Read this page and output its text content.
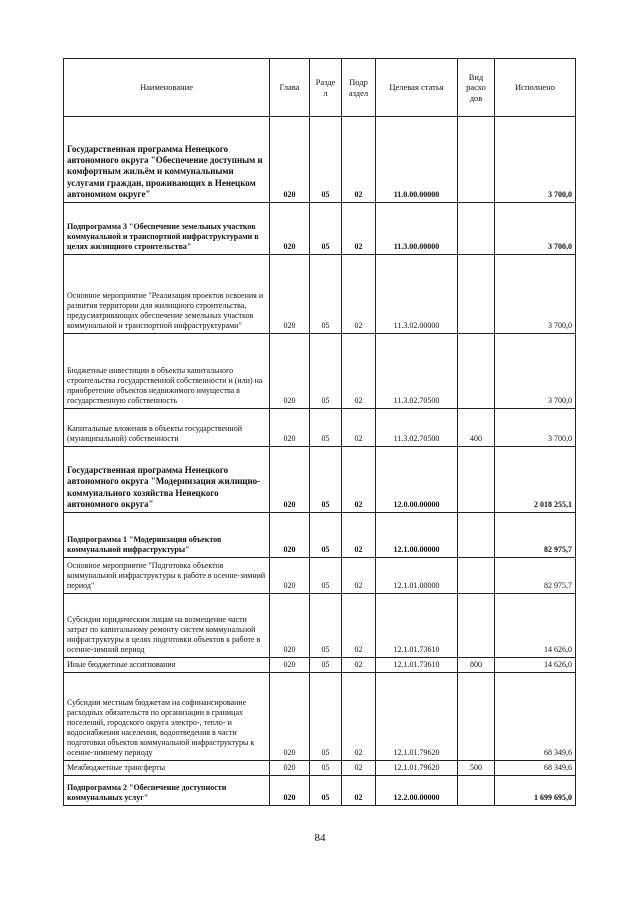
Наименование	Глава	Разде л	Подр аздел	Целевая статья	Вид расхо дов	Исполнено
Государственная программа Ненецкого автономного округа "Обеспечение доступным и комфортным жильём и коммунальными услугами граждан, проживающих в Ненецком автономном округе"	020	05	02	11.0.00.00000		3 700,0
Подпрограмма 3 "Обеспечение земельных участков коммунальной и транспортной инфраструктурами в целях жилищного строительства"	020	05	02	11.3.00.00000		3 700,0
Основное мероприятие "Реализация проектов освоения и развития территории для жилищного строительства, предусматривающих обеспечение земельных участков коммунальной и транспортной инфраструктурами"	020	05	02	11.3.02.00000		3 700,0
Бюджетные инвестиции в объекты капитального строительства государственной собственности и (или) на приобретение объектов недвижимого имущества в государственную собственность	020	05	02	11.3.02.70500		3 700,0
Капитальные вложения в объекты государственной (муниципальной) собственности	020	05	02	11.3.02.70500	400	3 700,0
Государственная программа Ненецкого автономного округа "Модернизация жилищно-коммунального хозяйства Ненецкого автономного округа"	020	05	02	12.0.00.00000		2 018 255,1
Подпрограмма 1 "Модернизация объектов коммунальной инфраструктуры"	020	05	02	12.1.00.00000		82 975,7
Основное мероприятие "Подготовка объектов коммунальной инфраструктуры к работе в осенне-зимний период"	020	05	02	12.1.01.00000		82 975,7
Субсидии юридическим лицам на возмещение части затрат по капитальному ремонту систем коммунальной инфраструктуры в целях подготовки объектов к работе в осенне-зимний период	020	05	02	12.1.01.73610		14 626,0
Иные бюджетные ассигнования	020	05	02	12.1.01.73610	800	14 626,0
Субсидии местным бюджетам на софинансирование расходных обязательств по организации в границах поселений, городского округа электро-, тепло- и водоснабжения населения, водоотведения в части подготовки объектов коммунальной инфраструктуры к осенне-зимнему периоду	020	05	02	12.1.01.79620		68 349,6
Межбюджетные трансферты	020	05	02	12.1.01.79620	500	68 349,6
Подпрограмма 2 "Обеспечение доступности коммунальных услуг"	020	05	02	12.2.00.00000		1 699 695,0
84
